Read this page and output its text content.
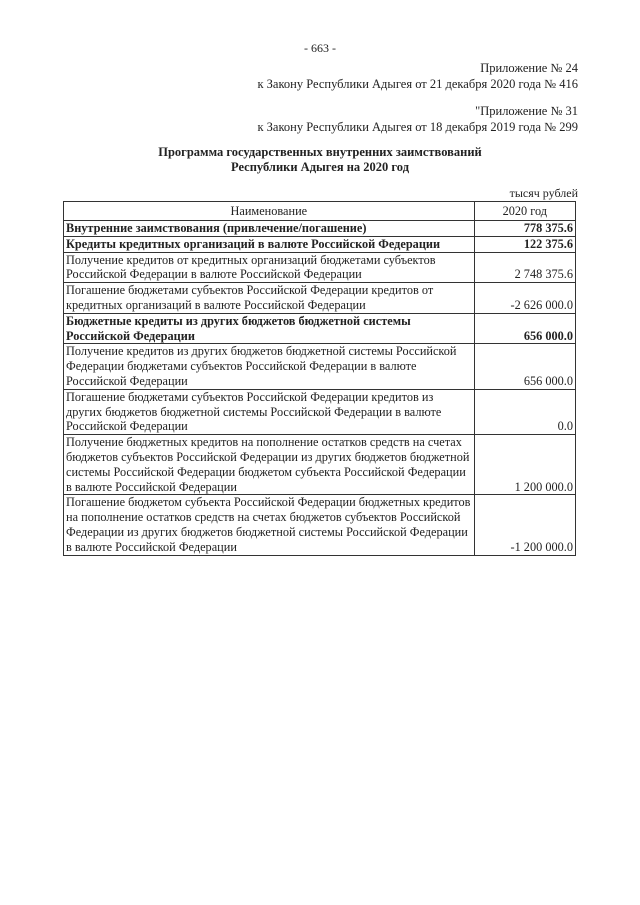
- 663 -
Приложение № 24
к Закону Республики Адыгея от 21 декабря 2020 года № 416
"Приложение № 31
к Закону Республики Адыгея от 18 декабря 2019 года № 299
Программа государственных внутренних заимствований
Республики Адыгея на 2020 год
тысяч рублей
Наименование	2020 год
Внутренние заимствования (привлечение/погашение)	778 375.6
Кредиты кредитных организаций в валюте Российской Федерации	122 375.6
Получение кредитов от кредитных организаций бюджетами субъектов Российской Федерации в валюте Российской Федерации	2 748 375.6
Погашение бюджетами субъектов Российской Федерации кредитов от кредитных организаций в валюте Российской Федерации	-2 626 000.0
Бюджетные кредиты из других бюджетов бюджетной системы Российской Федерации	656 000.0
Получение кредитов из других бюджетов бюджетной системы Российской Федерации бюджетами субъектов Российской Федерации в валюте Российской Федерации	656 000.0
Погашение бюджетами субъектов Российской Федерации кредитов из других бюджетов бюджетной системы Российской Федерации в валюте Российской Федерации	0.0
Получение бюджетных кредитов на пополнение остатков средств на счетах бюджетов субъектов Российской Федерации из других бюджетов бюджетной системы Российской Федерации бюджетом субъекта Российской Федерации в валюте Российской Федерации	1 200 000.0
Погашение бюджетом субъекта Российской Федерации бюджетных кредитов на пополнение остатков средств на счетах бюджетов субъектов Российской Федерации из других бюджетов бюджетной системы Российской Федерации в валюте Российской Федерации	-1 200 000.0
